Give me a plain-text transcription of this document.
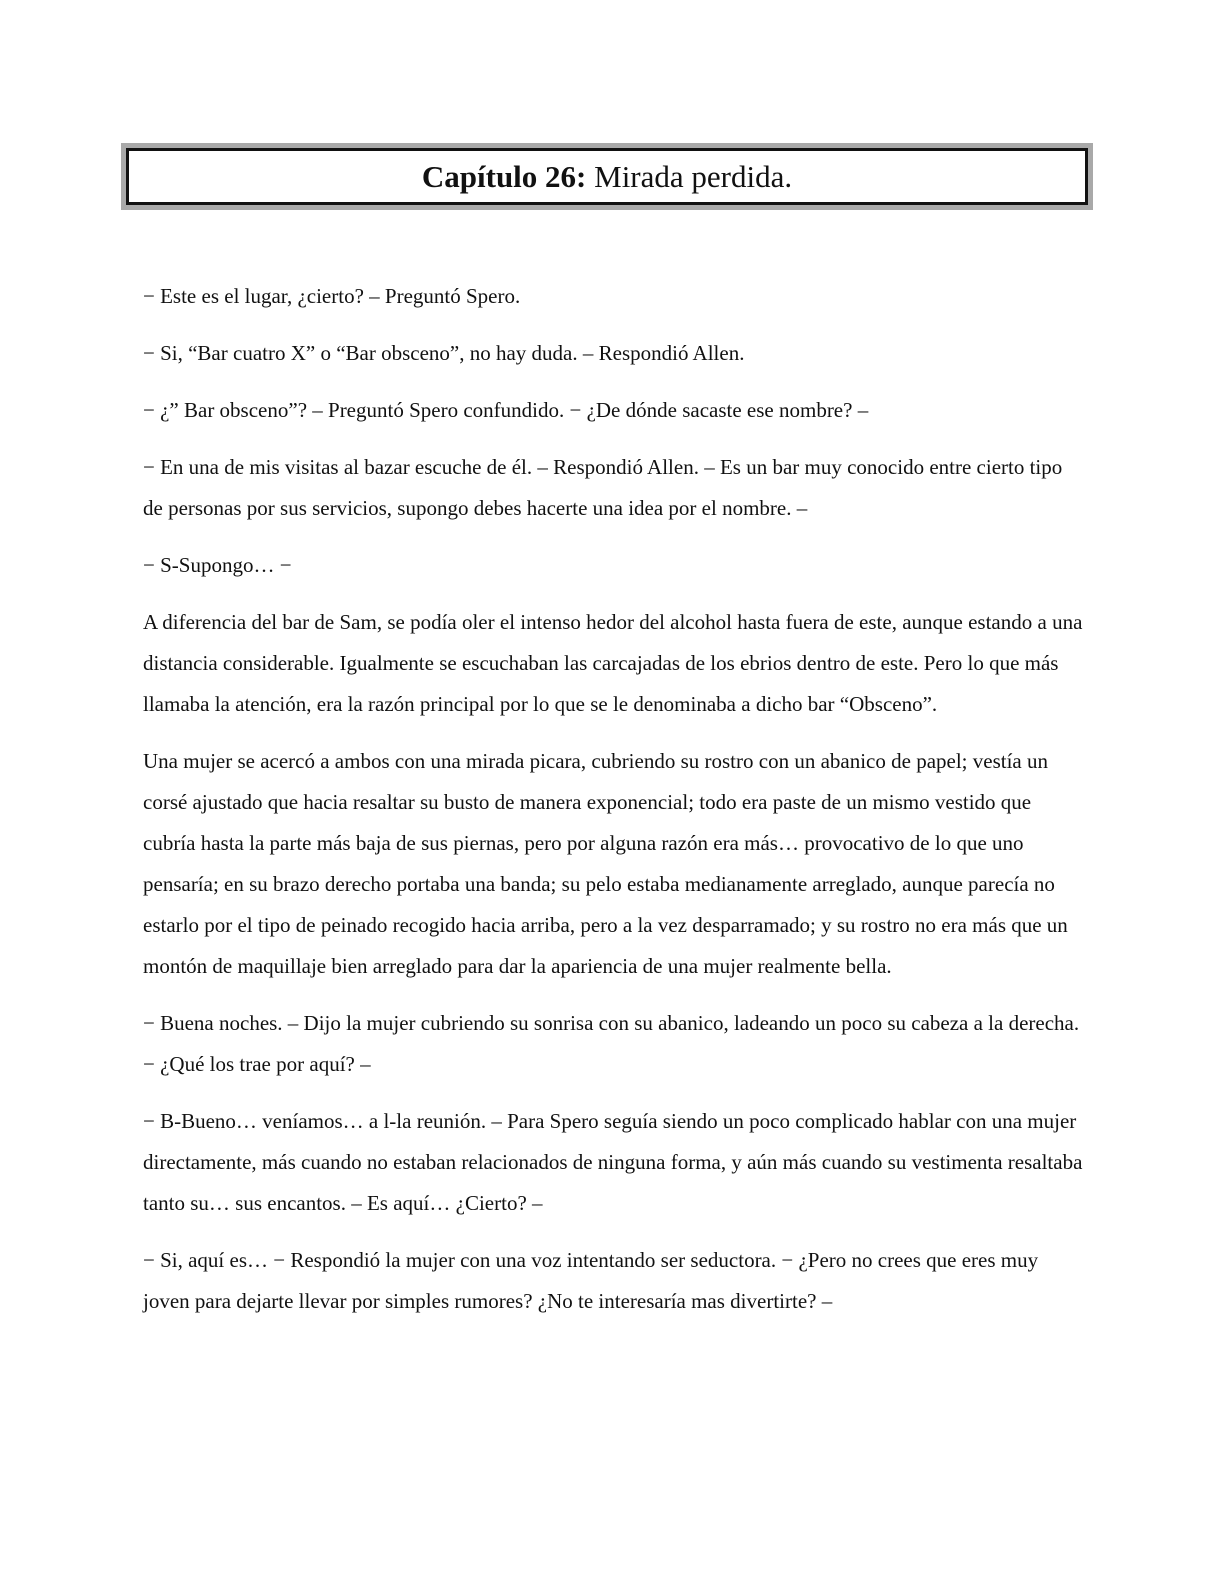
Capítulo 26:
Mirada perdida.

− Este es el lugar, ¿cierto? – Preguntó Spero.

− Si, “Bar cuatro X” o “Bar obsceno”, no hay duda. – Respondió Allen.

− ¿” Bar obsceno”? – Preguntó Spero confundido. − ¿De dónde sacaste ese nombre? –

− En una de mis visitas al bazar escuche de él. – Respondió Allen. – Es un bar muy conocido entre cierto tipo de personas por sus servicios, supongo debes hacerte una idea por el nombre. –

− S-Supongo… −

A diferencia del bar de Sam, se podía oler el intenso hedor del alcohol hasta fuera de este, aunque estando a una distancia considerable. Igualmente se escuchaban las carcajadas de los ebrios dentro de este. Pero lo que más llamaba la atención, era la razón principal por lo que se le denominaba a dicho bar “Obsceno”.

Una mujer se acercó a ambos con una mirada picara, cubriendo su rostro con un abanico de papel; vestía un corsé ajustado que hacia resaltar su busto de manera exponencial; todo era paste de un mismo vestido que cubría hasta la parte más baja de sus piernas, pero por alguna razón era más… provocativo de lo que uno pensaría; en su brazo derecho portaba una banda; su pelo estaba medianamente arreglado, aunque parecía no estarlo por el tipo de peinado recogido hacia arriba, pero a la vez desparramado; y su rostro no era más que un montón de maquillaje bien arreglado para dar la apariencia de una mujer realmente bella.

− Buena noches. – Dijo la mujer cubriendo su sonrisa con su abanico, ladeando un poco su cabeza a la derecha. − ¿Qué los trae por aquí? –

− B-Bueno… veníamos… a l-la reunión. – Para Spero seguía siendo un poco complicado hablar con una mujer directamente, más cuando no estaban relacionados de ninguna forma, y aún más cuando su vestimenta resaltaba tanto su… sus encantos. – Es aquí… ¿Cierto? –

− Si, aquí es… − Respondió la mujer con una voz intentando ser seductora. − ¿Pero no crees que eres muy joven para dejarte llevar por simples rumores? ¿No te interesaría mas divertirte? –
